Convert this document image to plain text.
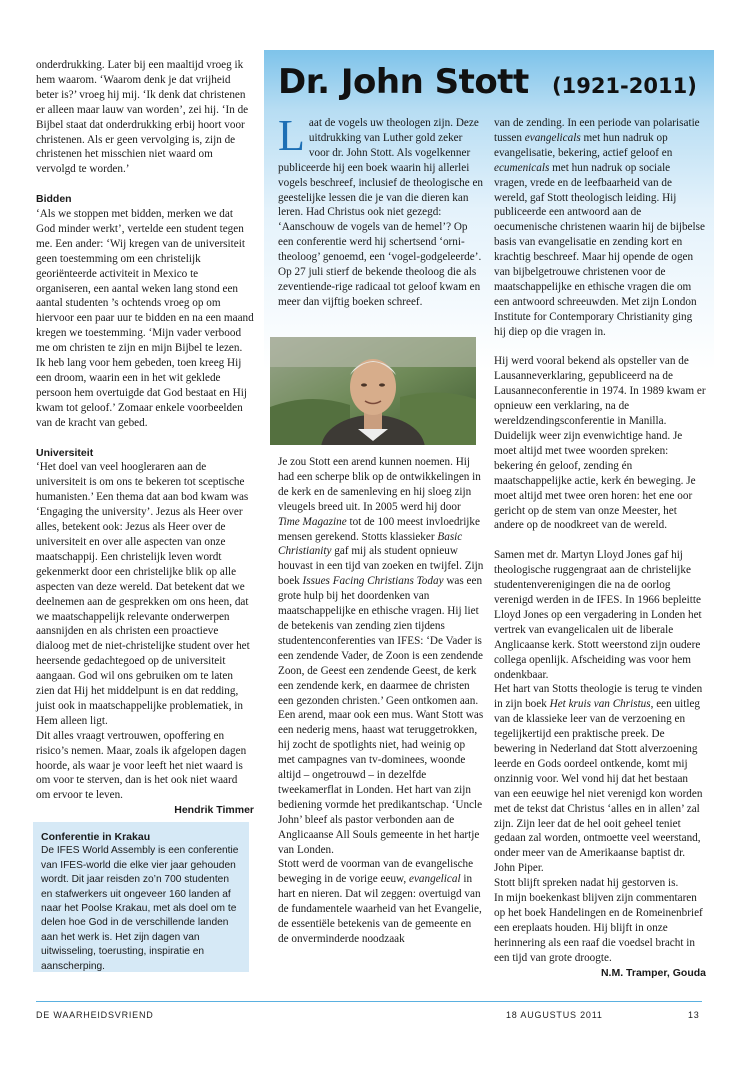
onderdrukking. Later bij een maaltijd vroeg ik hem waarom. ‘Waarom denk je dat vrijheid beter is?’ vroeg hij mij. ‘Ik denk dat christenen er alleen maar lauw van worden’, zei hij. ‘In de Bijbel staat dat onderdrukking erbij hoort voor christenen. Als er geen vervolging is, zijn de christenen het misschien niet waard om vervolgd te worden.’

Bidden

‘Als we stoppen met bidden, merken we dat God minder werkt’, vertelde een student tegen me. Een ander: ‘Wij kregen van de universiteit geen toestemming om een christelijk georiënteerde activiteit in Mexico te organiseren, een aantal weken lang stond een aantal studenten ’s ochtends vroeg op om hiervoor een paar uur te bidden en na een maand kregen we toestemming. ‘Mijn vader verbood me om christen te zijn en mijn Bijbel te lezen. Ik heb lang voor hem gebeden, toen kreeg Hij een droom, waarin een in het wit geklede persoon hem overtuigde dat God bestaat en Hij kwam tot geloof.’ Zomaar enkele voorbeelden van de kracht van gebed.

Universiteit

‘Het doel van veel hoogleraren aan de universiteit is om ons te bekeren tot sceptische humanisten.’ Een thema dat aan bod kwam was ‘Engaging the university’. Jezus als Heer over alles, betekent ook: Jezus als Heer over de universiteit en over alle aspecten van onze maatschappij. Een christelijk leven wordt gekenmerkt door een christelijke blik op alle aspecten van deze wereld. Dat betekent dat we deelnemen aan de gesprekken om ons heen, dat we maatschappelijk relevante onderwerpen aansnijden en als christen een proactieve dialoog met de niet-christelijke student over het heersende gedachtegoed op de universiteit aangaan. God wil ons gebruiken om te laten zien dat Hij het middelpunt is en dat redding, juist ook in maatschappelijke problematiek, in Hem alleen ligt.

Dit alles vraagt vertrouwen, opoffering en risico’s nemen. Maar, zoals ik afgelopen dagen hoorde, als waar je voor leeft het niet waard is om voor te sterven, dan is het ook niet waard om ervoor te leven.

Hendrik Timmer

Conferentie in Krakau

De IFES World Assembly is een conferentie van IFES-world die elke vier jaar gehouden wordt. Dit jaar reisden zo’n 700 studenten en stafwerkers uit ongeveer 160 landen af naar het Poolse Krakau, met als doel om te delen hoe God in de verschillende landen aan het werk is. Het zijn dagen van uitwisseling, toerusting, inspiratie en aanscherping.

Dr. John Stott (1921-2011)

Laat de vogels uw theologen zijn. Deze uitdrukking van Luther gold zeker voor dr. John Stott. Als vogelkenner publiceerde hij een boek waarin hij allerlei vogels beschreef, inclusief de theologische en geestelijke lessen die je van die dieren kan leren. Had Christus ook niet gezegd: ‘Aanschouw de vogels van de hemel’? Op een conferentie werd hij schertsend ‘orni-theoloog’ genoemd, een ‘vogel-godgeleerde’. Op 27 juli stierf de bekende theoloog die als zeventiende-rige radicaal tot geloof kwam en meer dan vijftig boeken schreef.

Je zou Stott een arend kunnen noemen. Hij had een scherpe blik op de ontwikkelingen in de kerk en de samenleving en hij sloeg zijn vleugels breed uit. In 2005 werd hij door Time Magazine tot de 100 meest invloedrijke mensen gerekend. Stotts klassieker Basic Christianity gaf mij als student opnieuw houvast in een tijd van zoeken en twijfel. Zijn boek Issues Facing Christians Today was een grote hulp bij het doordenken van maatschappelijke en ethische vragen. Hij liet de betekenis van zending zien tijdens studentenconferenties van IFES: ‘De Vader is een zendende Vader, de Zoon is een zendende Zoon, de Geest een zendende Geest, de kerk een zendende kerk, en daarmee de christen een gezonden christen.’ Geen ontkomen aan.

Een arend, maar ook een mus. Want Stott was een nederig mens, haast wat teruggetrokken, hij zocht de spotlights niet, had weinig op met campagnes van tv-dominees, woonde altijd – ongetrouwd – in dezelfde tweekamerflat in Londen. Het hart van zijn bediening vormde het predikantschap. ‘Uncle John’ bleef als pastor verbonden aan de Anglicaanse All Souls gemeente in het hartje van Londen.

Stott werd de voorman van de evangelische beweging in de vorige eeuw, evangelical in hart en nieren. Dat wil zeggen: overtuigd van de fundamentele waarheid van het Evangelie, de essentiële betekenis van de gemeente en de onverminderde noodzaak

van de zending. In een periode van polarisatie tussen evangelicals met hun nadruk op evangelisatie, bekering, actief geloof en ecumenicals met hun nadruk op sociale vragen, vrede en de leefbaarheid van de wereld, gaf Stott theologisch leiding. Hij publiceerde een antwoord aan de oecumenische christenen waarin hij de bijbelse basis van evangelisatie en zending kort en krachtig beschreef. Maar hij opende de ogen van bijbelgetrouwe christenen voor de maatschappelijke en ethische vragen die om een antwoord schreeuwden. Met zijn London Institute for Contemporary Christianity ging hij diep op die vragen in.

Hij werd vooral bekend als opsteller van de Lausanneverklaring, gepubliceerd na de Lausanneconferentie in 1974. In 1989 kwam er opnieuw een verklaring, na de wereldzendingsconferentie in Manilla. Duidelijk weer zijn evenwichtige hand. Je moet altijd met twee woorden spreken: bekering én geloof, zending én maatschappelijke actie, kerk én beweging. Je moet altijd met twee oren horen: het ene oor gericht op de stem van onze Meester, het andere op de noodkreet van de wereld.

Samen met dr. Martyn Lloyd Jones gaf hij theologische ruggengraat aan de christelijke studentenverenigingen die na de oorlog verenigd werden in de IFES. In 1966 bepleitte Lloyd Jones op een vergadering in Londen het vertrek van evangelicalen uit de liberale Anglicaanse kerk. Stott weerstond zijn oudere collega openlijk. Afscheiding was voor hem ondenkbaar.

Het hart van Stotts theologie is terug te vinden in zijn boek Het kruis van Christus, een uitleg van de klassieke leer van de verzoening en tegelijkertijd een praktische preek. De bewering in Nederland dat Stott alverzoening leerde en Gods oordeel ontkende, komt mij onzinnig voor. Wel vond hij dat het bestaan van een eeuwige hel niet verenigd kon worden met de tekst dat Christus ‘alles en in allen’ zal zijn. Zijn leer dat de hel ooit geheel teniet gedaan zal worden, ontmoette veel weerstand, onder meer van de Amerikaanse baptist dr. John Piper.

Stott blijft spreken nadat hij gestorven is.

In mijn boekenkast blijven zijn commentaren op het boek Handelingen en de Romeinenbrief een ereplaats houden. Hij blijft in onze herinnering als een raaf die voedsel bracht in een tijd van grote droogte.

N.M. Tramper, Gouda

DE WAARHEIDSVRIEND	18 AUGUSTUS 2011	13
